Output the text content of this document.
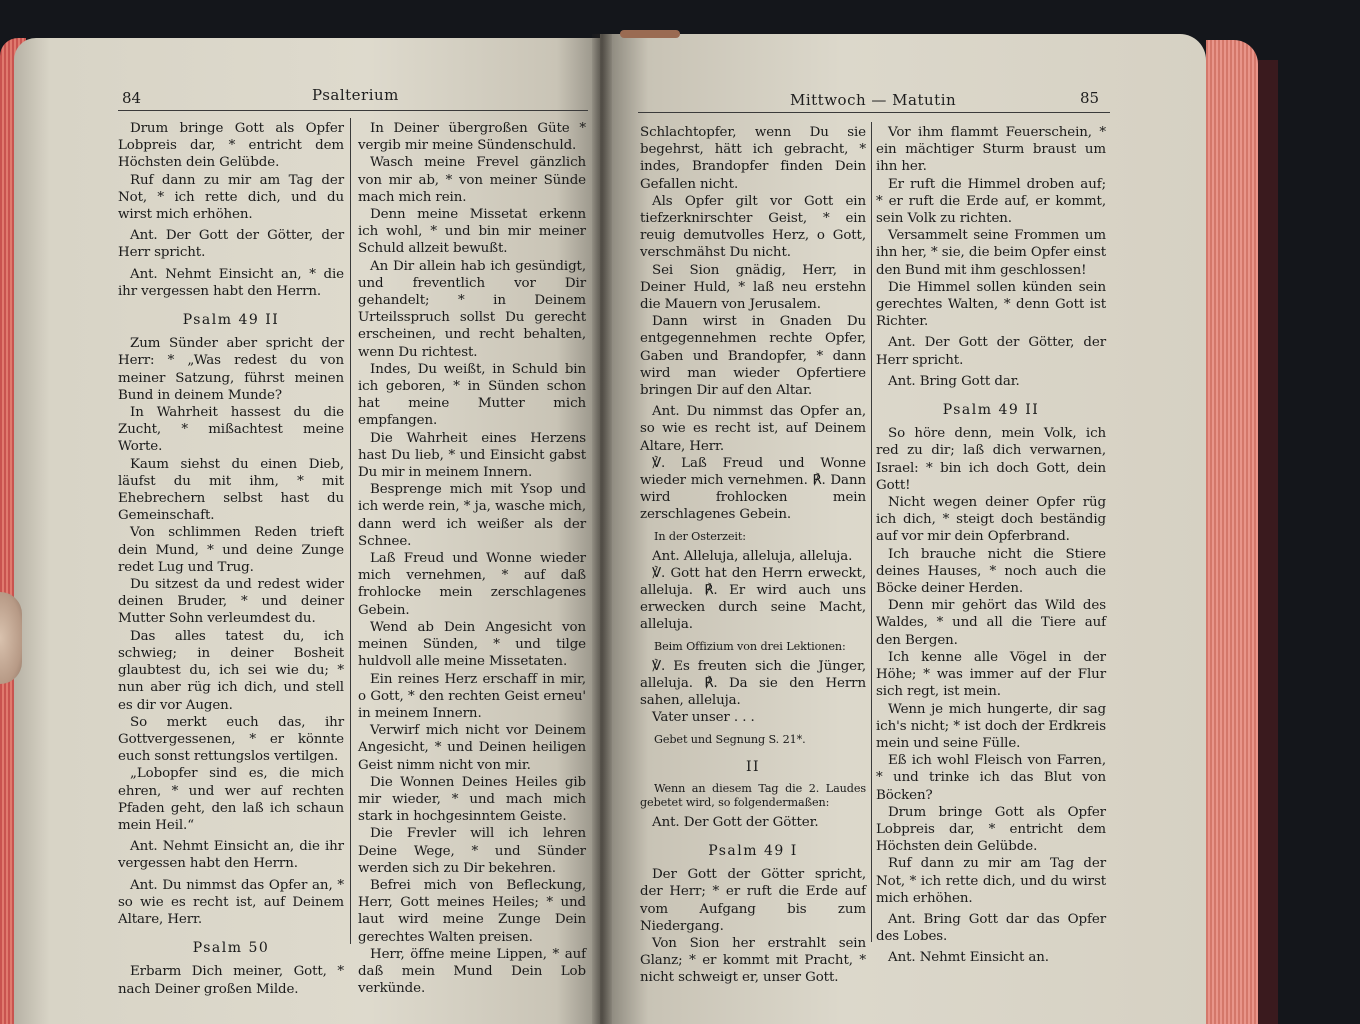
84	Psalterium

Drum bringe Gott als Opfer Lobpreis dar, * entricht dem Höchsten dein Gelübde.

Ruf dann zu mir am Tag der Not, * ich rette dich, und du wirst mich erhöhen.

Ant. Der Gott der Götter, der Herr spricht.

Ant. Nehmt Einsicht an, * die ihr vergessen habt den Herrn.

Psalm 49 II

Zum Sünder aber spricht der Herr: * „Was redest du von meiner Satzung, führst meinen Bund in deinem Munde?

In Wahrheit hassest du die Zucht, * mißachtest meine Worte.

Kaum siehst du einen Dieb, läufst du mit ihm, * mit Ehebrechern selbst hast du Gemeinschaft.

Von schlimmen Reden trieft dein Mund, * und deine Zunge redet Lug und Trug.

Du sitzest da und redest wider deinen Bruder, * und deiner Mutter Sohn verleumdest du.

Das alles tatest du, ich schwieg; in deiner Bosheit glaubtest du, ich sei wie du; * nun aber rüg ich dich, und stell es dir vor Augen.

So merkt euch das, ihr Gottvergessenen, * er könnte euch sonst rettungslos vertilgen.

„Lobopfer sind es, die mich ehren, * und wer auf rechten Pfaden geht, den laß ich schaun mein Heil.“

Ant. Nehmt Einsicht an, die ihr vergessen habt den Herrn.

Ant. Du nimmst das Opfer an, * so wie es recht ist, auf Deinem Altare, Herr.

Psalm 50

Erbarm Dich meiner, Gott, * nach Deiner großen Milde.

In Deiner übergroßen Güte * vergib mir meine Sündenschuld.

Wasch meine Frevel gänzlich von mir ab, * von meiner Sünde mach mich rein.

Denn meine Missetat erkenn ich wohl, * und bin mir meiner Schuld allzeit bewußt.

An Dir allein hab ich gesündigt, und freventlich vor Dir gehandelt; * in Deinem Urteilsspruch sollst Du gerecht erscheinen, und recht behalten, wenn Du richtest.

Indes, Du weißt, in Schuld bin ich geboren, * in Sünden schon hat meine Mutter mich empfangen.

Die Wahrheit eines Herzens hast Du lieb, * und Einsicht gabst Du mir in meinem Innern.

Besprenge mich mit Ysop und ich werde rein, * ja, wasche mich, dann werd ich weißer als der Schnee.

Laß Freud und Wonne wieder mich vernehmen, * auf daß frohlocke mein zerschlagenes Gebein.

Wend ab Dein Angesicht von meinen Sünden, * und tilge huldvoll alle meine Missetaten.

Ein reines Herz erschaff in mir, o Gott, * den rechten Geist erneu' in meinem Innern.

Verwirf mich nicht vor Deinem Angesicht, * und Deinen heiligen Geist nimm nicht von mir.

Die Wonnen Deines Heiles gib mir wieder, * und mach mich stark in hochgesinntem Geiste.

Die Frevler will ich lehren Deine Wege, * und Sünder werden sich zu Dir bekehren.

Befrei mich von Befleckung, Herr, Gott meines Heiles; * und laut wird meine Zunge Dein gerechtes Walten preisen.

Herr, öffne meine Lippen, * auf daß mein Mund Dein Lob verkünde.

Mittwoch — Matutin	85

Schlachtopfer, wenn Du sie begehrst, hätt ich gebracht, * indes, Brandopfer finden Dein Gefallen nicht.

Als Opfer gilt vor Gott ein tiefzerknirschter Geist, * ein reuig demutvolles Herz, o Gott, verschmähst Du nicht.

Sei Sion gnädig, Herr, in Deiner Huld, * laß neu erstehn die Mauern von Jerusalem.

Dann wirst in Gnaden Du entgegennehmen rechte Opfer, Gaben und Brandopfer, * dann wird man wieder Opfertiere bringen Dir auf den Altar.

Ant. Du nimmst das Opfer an, so wie es recht ist, auf Deinem Altare, Herr.

℣. Laß Freud und Wonne wieder mich vernehmen. ℟. Dann wird frohlocken mein zerschlagenes Gebein.

In der Osterzeit:

Ant. Alleluja, alleluja, alleluja.

℣. Gott hat den Herrn erweckt, alleluja. ℟. Er wird auch uns erwecken durch seine Macht, alleluja.

Beim Offizium von drei Lektionen:

℣. Es freuten sich die Jünger, alleluja. ℟. Da sie den Herrn sahen, alleluja.

Vater unser . . .

Gebet und Segnung S. 21*.

II

Wenn an diesem Tag die 2. Laudes gebetet wird, so folgendermaßen:

Ant. Der Gott der Götter.

Psalm 49 I

Der Gott der Götter spricht, der Herr; * er ruft die Erde auf vom Aufgang bis zum Niedergang.

Von Sion her erstrahlt sein Glanz; * er kommt mit Pracht, * nicht schweigt er, unser Gott.

Vor ihm flammt Feuerschein, * ein mächtiger Sturm braust um ihn her.

Er ruft die Himmel droben auf; * er ruft die Erde auf, er kommt, sein Volk zu richten.

Versammelt seine Frommen um ihn her, * sie, die beim Opfer einst den Bund mit ihm geschlossen!

Die Himmel sollen künden sein gerechtes Walten, * denn Gott ist Richter.

Ant. Der Gott der Götter, der Herr spricht.

Ant. Bring Gott dar.

Psalm 49 II

So höre denn, mein Volk, ich red zu dir; laß dich verwarnen, Israel: * bin ich doch Gott, dein Gott!

Nicht wegen deiner Opfer rüg ich dich, * steigt doch beständig auf vor mir dein Opferbrand.

Ich brauche nicht die Stiere deines Hauses, * noch auch die Böcke deiner Herden.

Denn mir gehört das Wild des Waldes, * und all die Tiere auf den Bergen.

Ich kenne alle Vögel in der Höhe; * was immer auf der Flur sich regt, ist mein.

Wenn je mich hungerte, dir sag ich's nicht; * ist doch der Erdkreis mein und seine Fülle.

Eß ich wohl Fleisch von Farren, * und trinke ich das Blut von Böcken?

Drum bringe Gott als Opfer Lobpreis dar, * entricht dem Höchsten dein Gelübde.

Ruf dann zu mir am Tag der Not, * ich rette dich, und du wirst mich erhöhen.

Ant. Bring Gott dar das Opfer des Lobes.

Ant. Nehmt Einsicht an.
